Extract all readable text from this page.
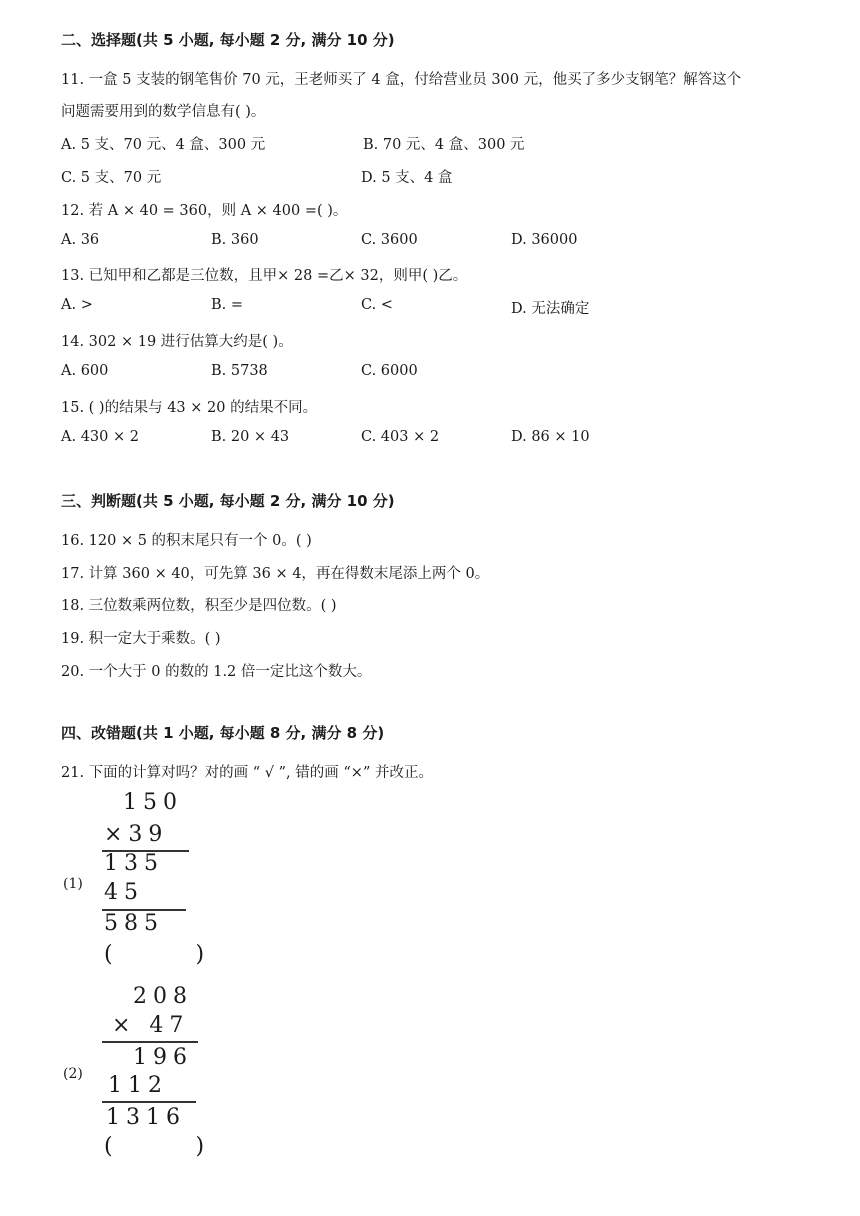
二、选择题(共 5 小题, 每小题 2 分, 满分 10 分)
11. 一盒 5 支装的钢笔售价 70 元，王老师买了 4 盒，付给营业员 300 元，他买了多少支钢笔？解答这个
问题需要用到的数学信息有( )。
A. 5 支、70 元、4 盒、300 元	B. 70 元、4 盒、300 元
C. 5 支、70 元	D. 5 支、4 盒
12. 若 A × 40 = 360，则 A × 400 =( )。
A. 36	B. 360	C. 3600	D. 36000
13. 已知甲和乙都是三位数，且甲× 28 =乙× 32，则甲( )乙。
A. >	B. =	C. <	D. 无法确定
14. 302 × 19 进行估算大约是( )。
A. 600	B. 5738	C. 6000
15. ( )的结果与 43 × 20 的结果不同。
A. 430 × 2	B. 20 × 43	C. 403 × 2	D. 86 × 10
三、判断题(共 5 小题, 每小题 2 分, 满分 10 分)
16. 120 × 5 的积末尾只有一个 0。( )
17. 计算 360 × 40，可先算 36 × 4，再在得数末尾添上两个 0。
18. 三位数乘两位数，积至少是四位数。( )
19. 积一定大于乘数。( )
20. 一个大于 0 的数的 1.2 倍一定比这个数大。
四、改错题(共 1 小题, 每小题 8 分, 满分 8 分)
21. 下面的计算对吗？对的画 “ √ ”, 错的画 “×” 并改正。
(1)
150
×39
135
45
585
(     )
(2)
208
× 47
196
112
1316
(     )
